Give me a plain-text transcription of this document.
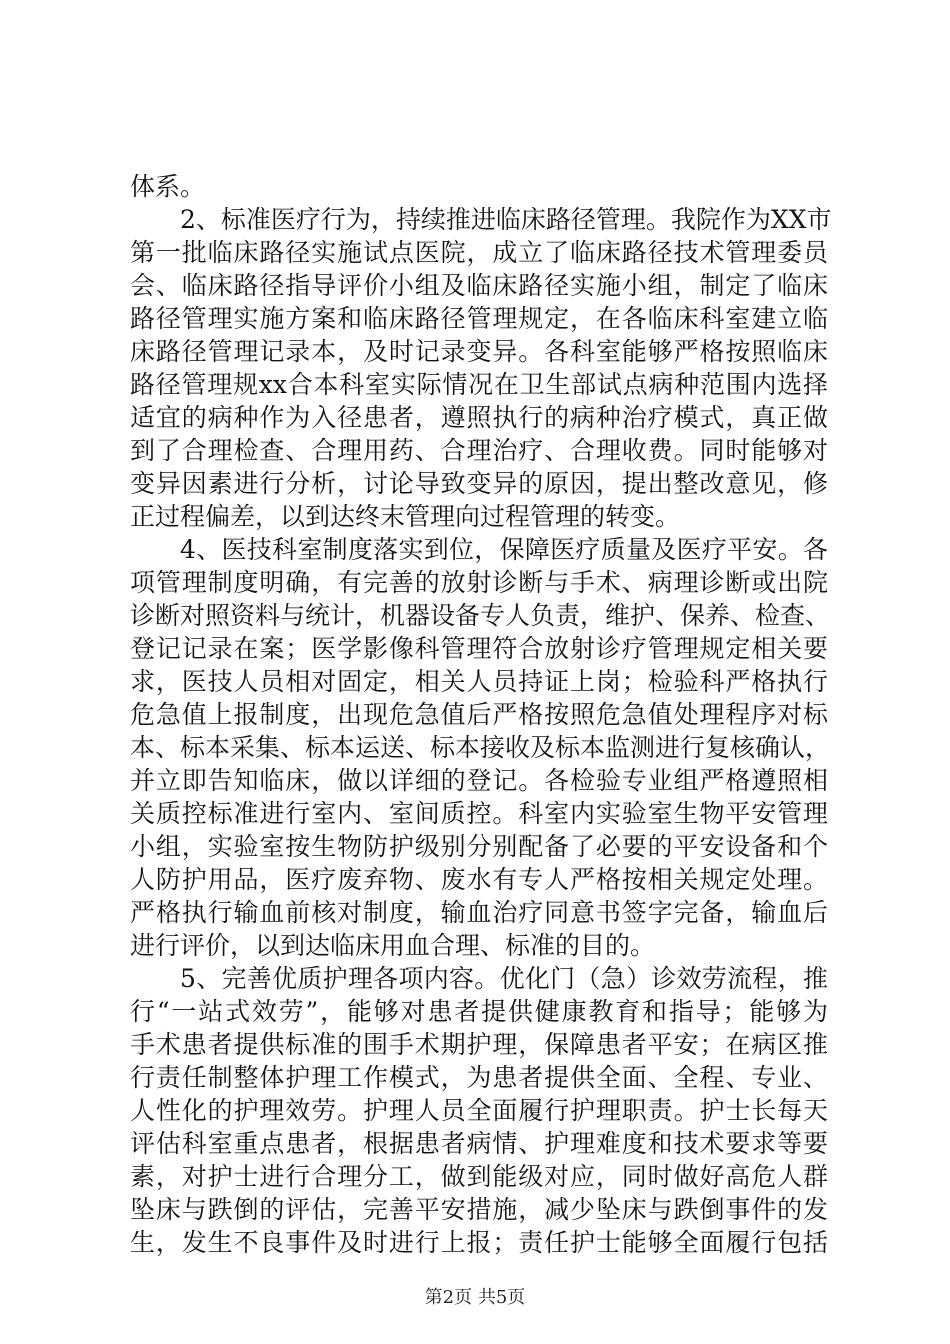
体系。
2、标准医疗行为，持续推进临床路径管理。我院作为XX市
第一批临床路径实施试点医院，成立了临床路径技术管理委员
会、临床路径指导评价小组及临床路径实施小组，制定了临床
路径管理实施方案和临床路径管理规定，在各临床科室建立临
床路径管理记录本，及时记录变异。各科室能够严格按照临床
路径管理规xx合本科室实际情况在卫生部试点病种范围内选择
适宜的病种作为入径患者，遵照执行的病种治疗模式，真正做
到了合理检查、合理用药、合理治疗、合理收费。同时能够对
变异因素进行分析，讨论导致变异的原因，提出整改意见，修
正过程偏差，以到达终末管理向过程管理的转变。
4、医技科室制度落实到位，保障医疗质量及医疗平安。各
项管理制度明确，有完善的放射诊断与手术、病理诊断或出院
诊断对照资料与统计，机器设备专人负责，维护、保养、检查、
登记记录在案；医学影像科管理符合放射诊疗管理规定相关要
求，医技人员相对固定，相关人员持证上岗；检验科严格执行
危急值上报制度，出现危急值后严格按照危急值处理程序对标
本、标本采集、标本运送、标本接收及标本监测进行复核确认，
并立即告知临床，做以详细的登记。各检验专业组严格遵照相
关质控标准进行室内、室间质控。科室内实验室生物平安管理
小组，实验室按生物防护级别分别配备了必要的平安设备和个
人防护用品，医疗废弃物、废水有专人严格按相关规定处理。
严格执行输血前核对制度，输血治疗同意书签字完备，输血后
进行评价，以到达临床用血合理、标准的目的。
5、完善优质护理各项内容。优化门（急）诊效劳流程，推
行“一站式效劳”，能够对患者提供健康教育和指导；能够为
手术患者提供标准的围手术期护理，保障患者平安；在病区推
行责任制整体护理工作模式，为患者提供全面、全程、专业、
人性化的护理效劳。护理人员全面履行护理职责。护士长每天
评估科室重点患者，根据患者病情、护理难度和技术要求等要
素，对护士进行合理分工，做到能级对应，同时做好高危人群
坠床与跌倒的评估，完善平安措施，减少坠床与跌倒事件的发
生，发生不良事件及时进行上报；责任护士能够全面履行包括
第2页 共5页
